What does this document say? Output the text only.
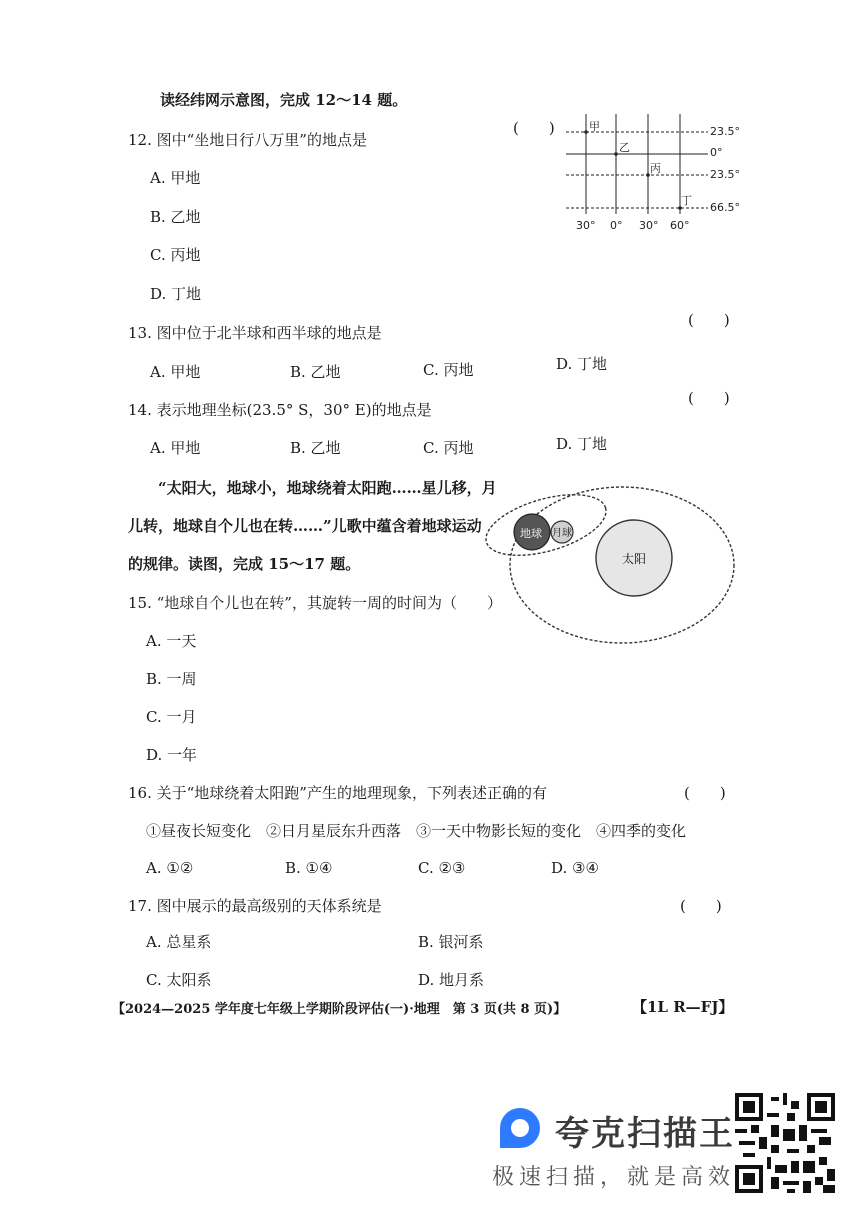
读经纬网示意图，完成 12～14 题。
12. 图中“坐地日行八万里”的地点是
(　　)
A. 甲地
B. 乙地
C. 丙地
D. 丁地
甲
乙
丙
丁
23.5°
0°
23.5°
66.5°
30° 0° 30° 60°
13. 图中位于北半球和西半球的地点是
(　　)
A. 甲地	B. 乙地	C. 丙地	D. 丁地
14. 表示地理坐标(23.5° S，30° E)的地点是
(　　)
A. 甲地	B. 乙地	C. 丙地	D. 丁地
“太阳大，地球小，地球绕着太阳跑……星儿移，月
儿转，地球自个儿也在转……”儿歌中蕴含着地球运动
的规律。读图，完成 15～17 题。
地球 月球
太阳
15. “地球自个儿也在转”，其旋转一周的时间为（　　）
A. 一天
B. 一周
C. 一月
D. 一年
16. 关于“地球绕着太阳跑”产生的地理现象，下列表述正确的有	(　　)
①昼夜长短变化　②日月星辰东升西落　③一天中物影长短的变化　④四季的变化
A. ①②	B. ①④	C. ②③	D. ③④
17. 图中展示的最高级别的天体系统是	(　　)
A. 总星系	B. 银河系
C. 太阳系	D. 地月系
【2024—2025 学年度七年级上学期阶段评估(一)·地理　第 3 页(共 8 页)】	【1L R—FJ】
夸克扫描王
极速扫描，就是高效
